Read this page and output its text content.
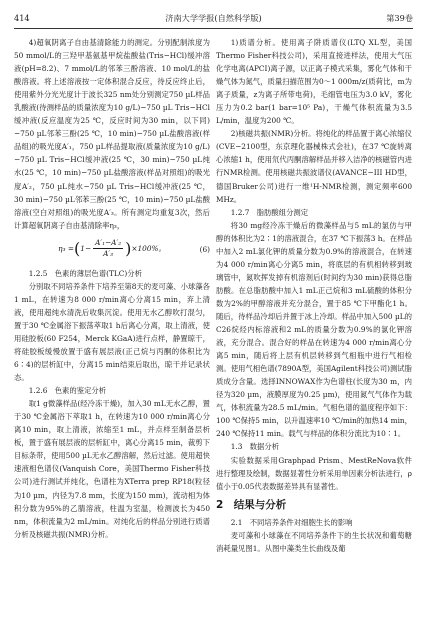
414	济南大学学报(自然科学版)	第39卷

4)超氧阴离子自由基清除能力的测定。分别配制浓度为50 mmol/L的三羟甲基氨基甲烷盐酸盐(Tris−HCl)缓冲溶液(pH=8.2)、7 mmol/L的邻苯三酚溶液、10 mol/L的盐酸溶液。将上述溶液按一定体积混合反应，待反应终止后，使用紫外分光光度计于波长325 nm处分别测定750 µL样品乳酸液(待测样品的质量浓度为10 g/L)−750 µL Tris−HCl缓冲液(反应温度为25 ℃，反应时间为30 min，以下同)−750 µL邻苯三酚(25 ℃，10 min)−750 µL盐酸溶液(样品组)的吸光度A′₁，750 µL样品提取液(质量浓度为10 g/L)−750 µL Tris−HCl缓冲液(25 ℃，30 min)−750 µL纯水(25 ℃，10 min)−750 µL盐酸溶液(样品对照组)的吸光度A′₂，750 µL纯水−750 µL Tris−HCl缓冲液(25 ℃，30 min)−750 µL邻苯三酚(25 ℃，10 min)−750 µL盐酸溶液(空白对照组)的吸光度A′₃。所有测定均重复3次，然后计算超氧阴离子自由基清除率η₃，

η₃ = ( $1- \frac{\text{A′₁−A′₂}}{\text{A′₃}}$ ) ×100%。	(6)

1.2.5　色素的薄层色谱(TLC)分析

分别取不同培养条件下培养至第8天的麦可藻、小球藻各1 mL，在转速为8 000 r/min离心分离15 min，弃上清液，使用超纯水清洗后收集沉淀。使用无水乙醇吹打混匀，置于30 ℃金属浴下振荡萃取1 h后离心分离，取上清液，使用硅胶板(60 F254，Merck KGaA)进行点样，静置晾干，将硅胶板缓慢放置于盛有展层液(正己烷与丙酮的体积比为6∶4)的层析缸中，分离15 min结束后取出，晾干并记录状态。

1.2.6　色素的鉴定分析

取1 g微藻样品(经冷冻干燥)，加入30 mL无水乙醇，置于30 ℃金属浴下萃取1 h，在转速为10 000 r/min离心分离10 min，取上清液，浓缩至1 mL，并点样至制备层析板，置于盛有展层液的层析缸中，离心分离15 min，裁剪下目标条带，使用500 µL无水乙醇溶解，然后过滤。使用超快速液相色谱仪(Vanquish Core，美国Thermo Fisher科技公司)进行测试并纯化，色谱柱为XTerra prep RP18(粒径为10 µm，内径为7.8 mm，长度为150 mm)，流动相为体积分数为95%的乙腈溶液，柱温为室温，检测波长为450 nm，体积流量为2 mL/min。对纯化后的样品分别进行质谱分析及核磁共振(NMR)分析。

1)质谱分析。使用离子阱质谱仪(LTQ XL型，美国Thermo Fisher科技公司)，采用直接进样法，使用大气压化学电离(APCI)离子源，以正离子模式采集，雾化气体和干燥气体为氮气，质量扫描范围为0～1 000m/z(质荷比，m为离子质量，z为离子所带电荷)，毛细管电压为3.0 kV，雾化压力为0.2 bar(1 bar=10⁵ Pa)，干燥气体积流量为3.5 L/min，温度为200 ℃。

2)核磁共振(NMR)分析。将纯化的样品置于离心浓缩仪(CVE−2100型，东京理化器械株式会社)，在37 ℃旋转离心浓缩1 h，使用氘代丙酮溶解样品并移入洁净的核磁管内进行NMR检测。使用核磁共振波谱仪(AVANCE−III HD型，德国Bruker公司)进行一维¹H-NMR检测，测定频率600 MHz。

1.2.7　脂肪酸组分测定

将30 mg经冷冻干燥后的微藻样品与5 mL的氯仿与甲醇的体积比为2∶1的溶液混合，在37 ℃下振荡3 h。在样品中加入2 mL氯化钾的质量分数为0.9%的溶液混合，在转速为4 000 r/min离心分离5 min，将底层的有机相转移到玻璃管中，氮吹挥发掉有机溶剂后(时间约为30 min)获得总脂肪酸。在总脂肪酸中加入1 mL正己烷和3 mL硫酸的体积分数为2%的甲醇溶液并充分混合，置于85 ℃下甲酯化1 h。随后，待样品冷却后并置于冰上冷却。样品中加入500 µL的C26烷烃内标溶液和2 mL的质量分数为0.9%的氯化钾溶液，充分混合。混合好的样品在转速为4 000 r/min离心分离5 min，随后将上层有机层转移到气相瓶中进行气相检测。使用气相色谱(7890A型，美国Agilent科技公司)测试脂质成分含量。选择INNOWAX作为色谱柱(长度为30 m，内径为320 µm，液膜厚度为0.25 µm)，使用氮气气体作为载气，体积流量为28.5 mL/min。气相色谱的温度程序如下：100 ℃保持5 min，以升温速率10 ℃/min的加热14 min，240 ℃保持11 min。载气与样品的体积分流比为10∶1。

1.3　数据分析

实验数据采用Graphpad Prism、MestReNova软件进行整理及绘制，数据显著性分析采用单因素分析法进行，ρ值小于0.05代表数据差异具有显著性。

2　结果与分析

2.1　不同培养条件对细胞生长的影响

麦可藻和小球藻在不同培养条件下的生长状况和葡萄糖消耗量见图1。从图中藻类生长曲线及葡
